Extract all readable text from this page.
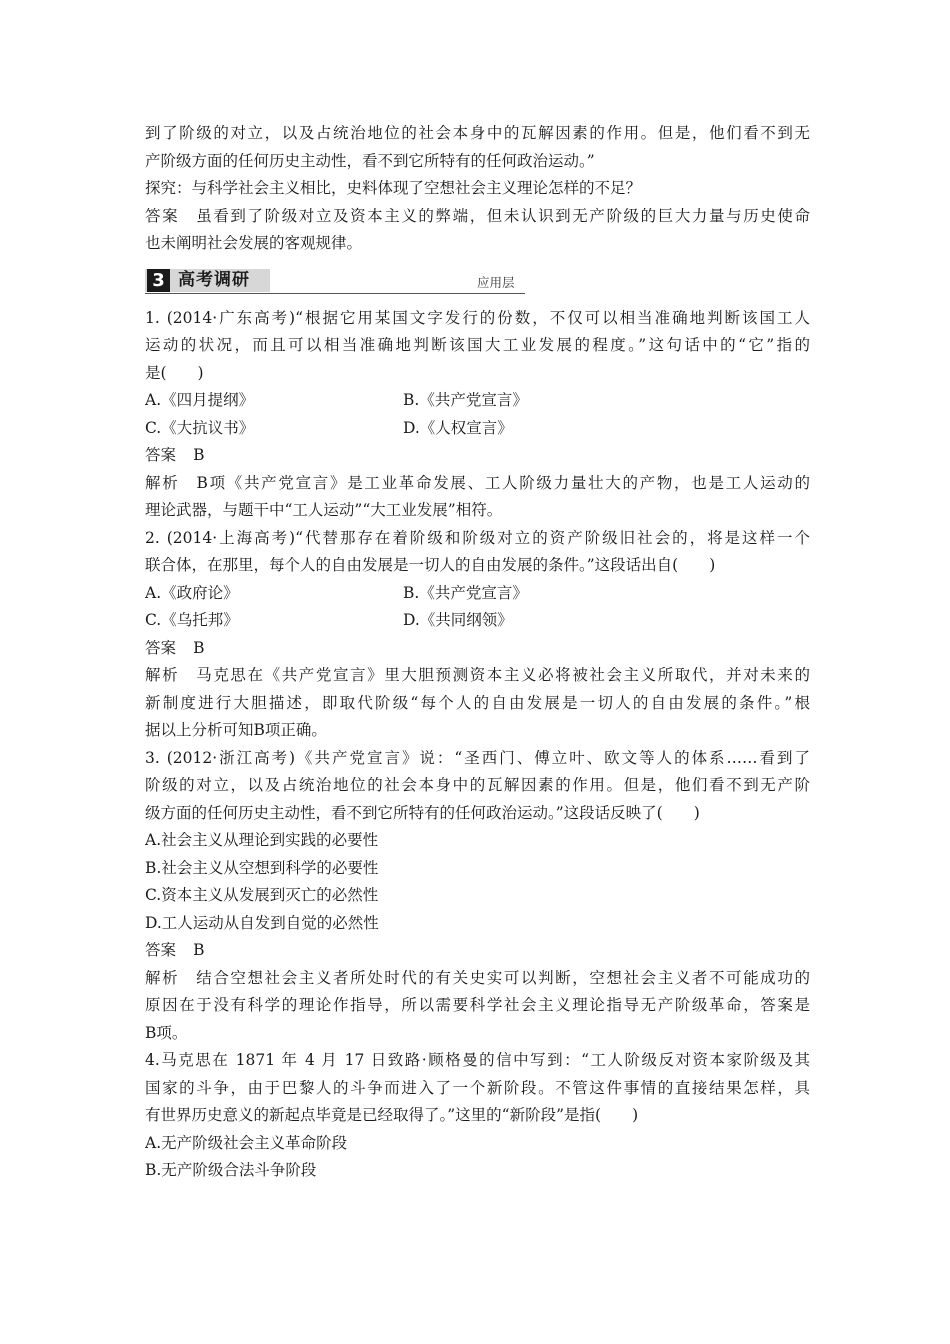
到了阶级的对立，以及占统治地位的社会本身中的瓦解因素的作用。但是，他们看不到无
产阶级方面的任何历史主动性，看不到它所特有的任何政治运动。”
探究：与科学社会主义相比，史料体现了空想社会主义理论怎样的不足？
答案 虽看到了阶级对立及资本主义的弊端，但未认识到无产阶级的巨大力量与历史使命
也未阐明社会发展的客观规律。
3 高考调研	应用层
1. (2014·广东高考)“根据它用某国文字发行的份数，不仅可以相当准确地判断该国工人
运动的状况，而且可以相当准确地判断该国大工业发展的程度。”这句话中的“它”指的
是(　　)
A.《四月提纲》	B.《共产党宣言》
C.《大抗议书》	D.《人权宣言》
答案 B
解析 B项《共产党宣言》是工业革命发展、工人阶级力量壮大的产物，也是工人运动的
理论武器，与题干中“工人运动”“大工业发展”相符。
2. (2014·上海高考)“代替那存在着阶级和阶级对立的资产阶级旧社会的，将是这样一个
联合体，在那里，每个人的自由发展是一切人的自由发展的条件。”这段话出自(　　)
A.《政府论》	B.《共产党宣言》
C.《乌托邦》	D.《共同纲领》
答案 B
解析 马克思在《共产党宣言》里大胆预测资本主义必将被社会主义所取代，并对未来的
新制度进行大胆描述，即取代阶级“每个人的自由发展是一切人的自由发展的条件。”根
据以上分析可知B项正确。
3. (2012·浙江高考)《共产党宣言》说：“圣西门、傅立叶、欧文等人的体系……看到了
阶级的对立，以及占统治地位的社会本身中的瓦解因素的作用。但是，他们看不到无产阶
级方面的任何历史主动性，看不到它所特有的任何政治运动。”这段话反映了(　　)
A.社会主义从理论到实践的必要性
B.社会主义从空想到科学的必要性
C.资本主义从发展到灭亡的必然性
D.工人运动从自发到自觉的必然性
答案 B
解析 结合空想社会主义者所处时代的有关史实可以判断，空想社会主义者不可能成功的
原因在于没有科学的理论作指导，所以需要科学社会主义理论指导无产阶级革命，答案是
B项。
4.马克思在 1871 年 4 月 17 日致路·顾格曼的信中写到：“工人阶级反对资本家阶级及其
国家的斗争，由于巴黎人的斗争而进入了一个新阶段。不管这件事情的直接结果怎样，具
有世界历史意义的新起点毕竟是已经取得了。”这里的“新阶段”是指(　　)
A.无产阶级社会主义革命阶段
B.无产阶级合法斗争阶段
